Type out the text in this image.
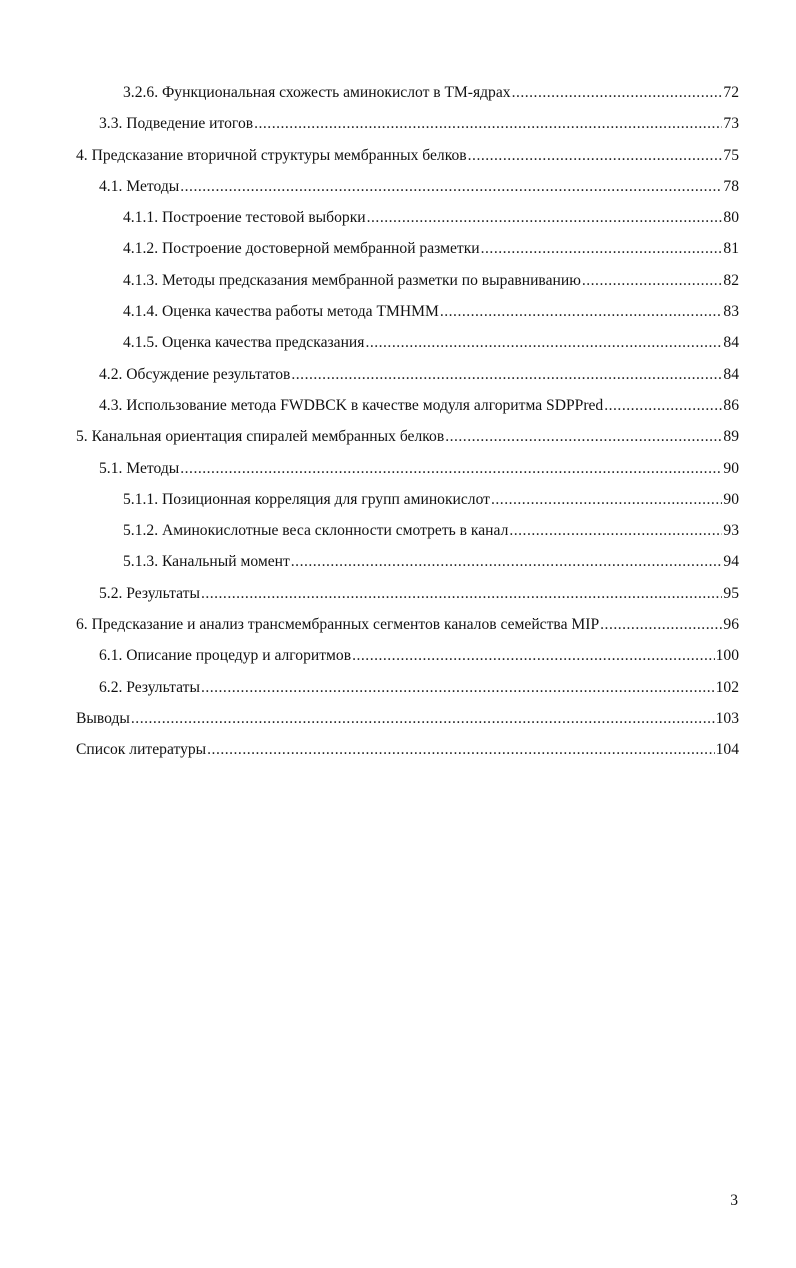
3.2.6. Функциональная схожесть аминокислот в ТМ-ядрах .....	72
3.3. Подведение итогов .....	73
4. Предсказание вторичной структуры мембранных белков .....	75
4.1. Методы .....	78
4.1.1. Построение тестовой выборки .....	80
4.1.2. Построение достоверной мембранной разметки .....	81
4.1.3. Методы предсказания мембранной разметки по выравниванию .....	82
4.1.4. Оценка качества работы метода TMHMM .....	83
4.1.5. Оценка качества предсказания .....	84
4.2. Обсуждение результатов .....	84
4.3. Использование метода FWDBCK в качестве модуля алгоритма SDPPred .....	86
5. Канальная ориентация спиралей мембранных белков .....	89
5.1. Методы .....	90
5.1.1. Позиционная корреляция для групп аминокислот .....	90
5.1.2. Аминокислотные веса склонности смотреть в канал .....	93
5.1.3. Канальный момент .....	94
5.2. Результаты .....	95
6. Предсказание и анализ трансмембранных сегментов каналов семейства MIP .....	96
6.1. Описание процедур и алгоритмов .....	100
6.2. Результаты .....	102
Выводы .....	103
Список литературы .....	104
3
